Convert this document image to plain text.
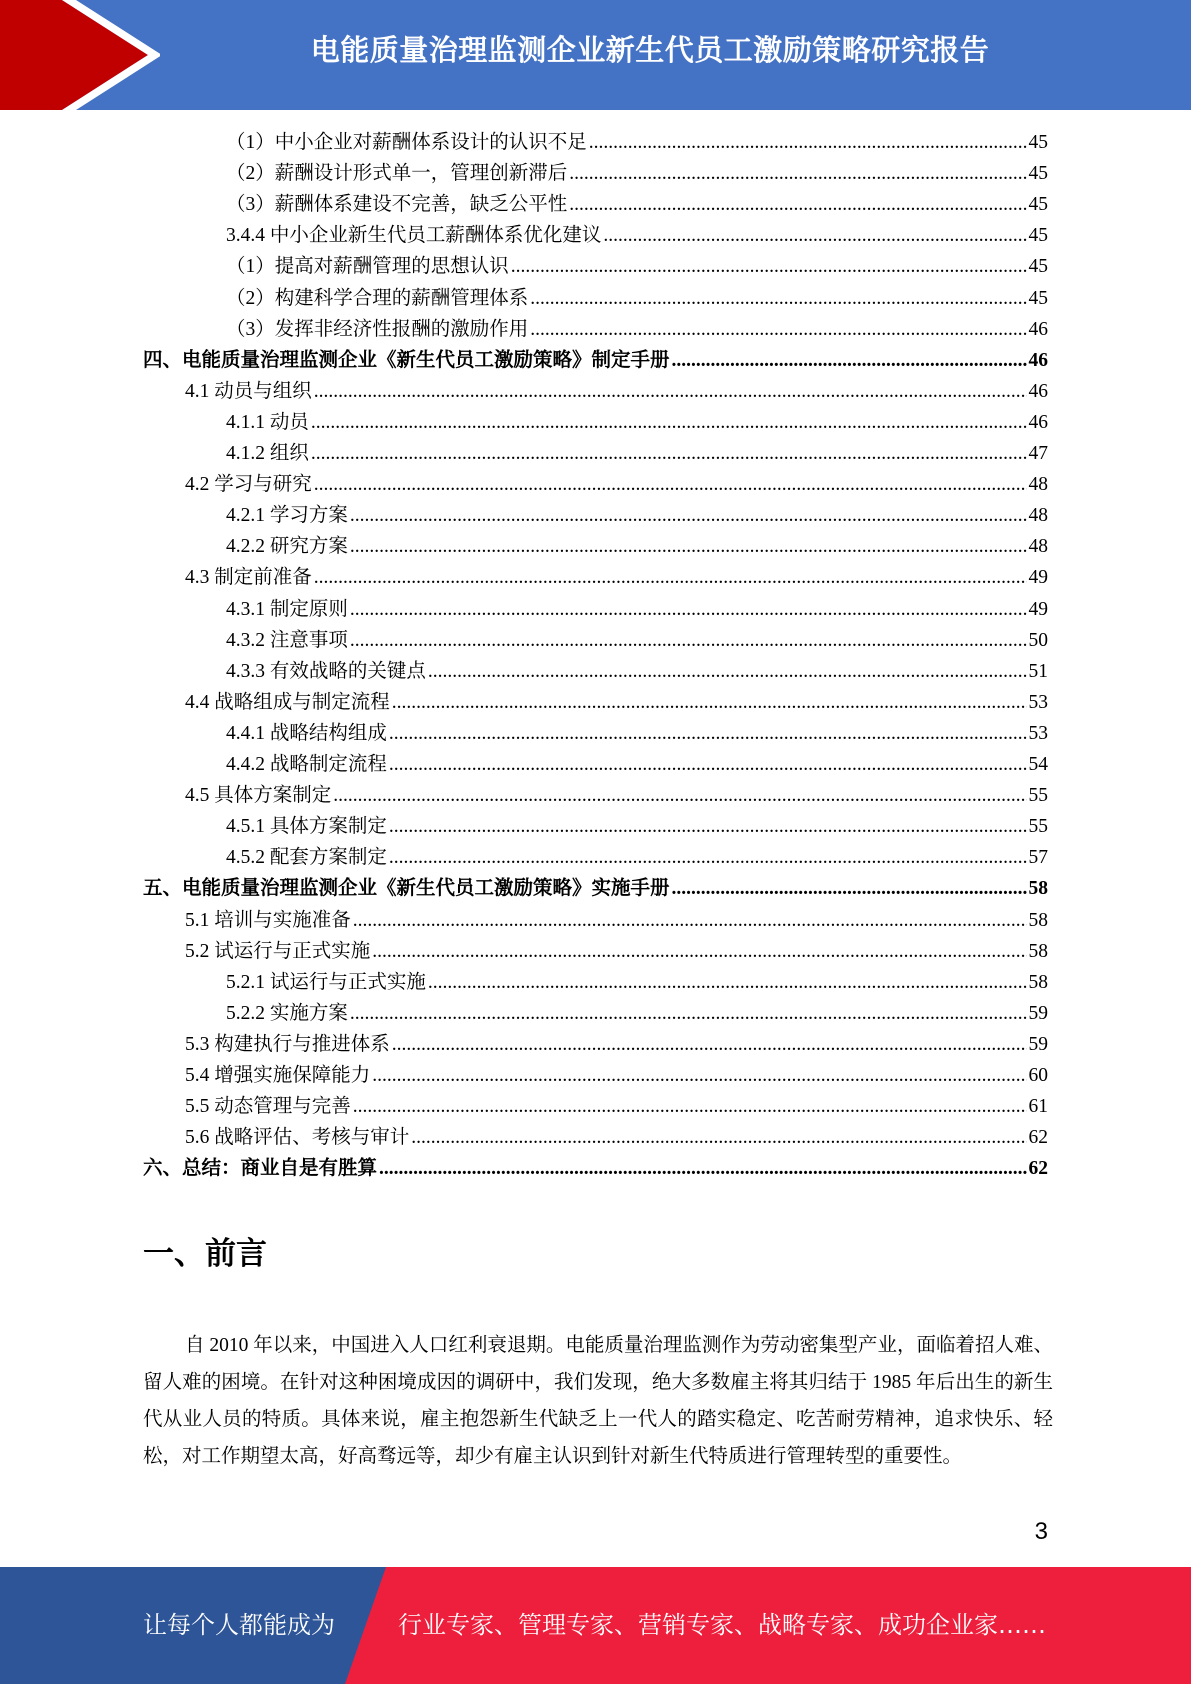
电能质量治理监测企业新生代员工激励策略研究报告
（1）中小企业对薪酬体系设计的认识不足 .....	45
（2）薪酬设计形式单一，管理创新滞后 .....	45
（3）薪酬体系建设不完善，缺乏公平性 .....	45
3.4.4 中小企业新生代员工薪酬体系优化建议 .....	45
（1）提高对薪酬管理的思想认识 .....	45
（2）构建科学合理的薪酬管理体系 .....	45
（3）发挥非经济性报酬的激励作用 .....	46
四、电能质量治理监测企业《新生代员工激励策略》制定手册 .....	46
4.1 动员与组织 .....	46
4.1.1 动员 .....	46
4.1.2 组织 .....	47
4.2 学习与研究 .....	48
4.2.1 学习方案 .....	48
4.2.2 研究方案 .....	48
4.3 制定前准备 .....	49
4.3.1 制定原则 .....	49
4.3.2 注意事项 .....	50
4.3.3 有效战略的关键点 .....	51
4.4 战略组成与制定流程 .....	53
4.4.1 战略结构组成 .....	53
4.4.2 战略制定流程 .....	54
4.5 具体方案制定 .....	55
4.5.1 具体方案制定 .....	55
4.5.2 配套方案制定 .....	57
五、电能质量治理监测企业《新生代员工激励策略》实施手册 .....	58
5.1 培训与实施准备 .....	58
5.2 试运行与正式实施 .....	58
5.2.1 试运行与正式实施 .....	58
5.2.2 实施方案 .....	59
5.3 构建执行与推进体系 .....	59
5.4 增强实施保障能力 .....	60
5.5 动态管理与完善 .....	61
5.6 战略评估、考核与审计 .....	62
六、总结：商业自是有胜算 .....	62
一、前言
自 2010 年以来，中国进入人口红利衰退期。电能质量治理监测作为劳动密集型产业，面临着招人难、留人难的困境。在针对这种困境成因的调研中，我们发现，绝大多数雇主将其归结于 1985 年后出生的新生代从业人员的特质。具体来说，雇主抱怨新生代缺乏上一代人的踏实稳定、吃苦耐劳精神，追求快乐、轻松，对工作期望太高，好高骛远等，却少有雇主认识到针对新生代特质进行管理转型的重要性。
3
让每个人都能成为	行业专家、管理专家、营销专家、战略专家、成功企业家……
